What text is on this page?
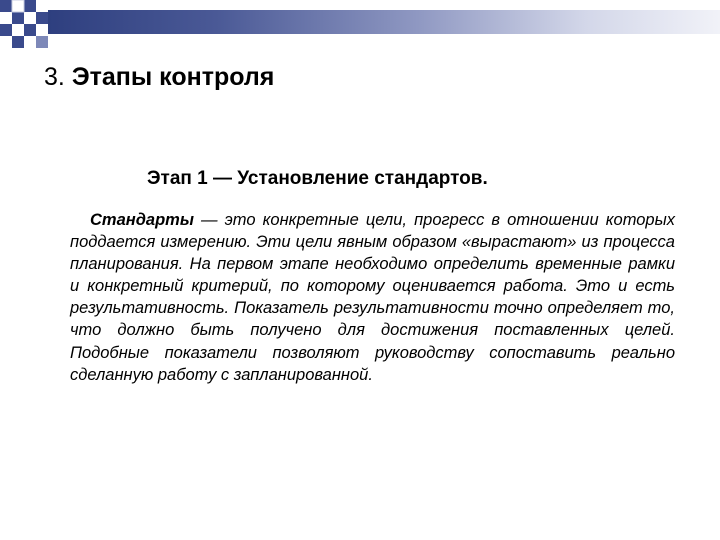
3. Этапы контроля
Этап 1 — Установление стандартов.
Стандарты — это конкретные цели, прогресс в отношении которых поддается измерению. Эти цели явным образом «вырастают» из процесса планирования. На первом этапе необходимо определить временные рамки и конкретный критерий, по которому оценивается работа. Это и есть результативность. Показатель результативности точно определяет то, что должно быть получено для достижения поставленных целей. Подобные показатели позволяют руководству сопоставить реально сделанную работу с запланированной.
